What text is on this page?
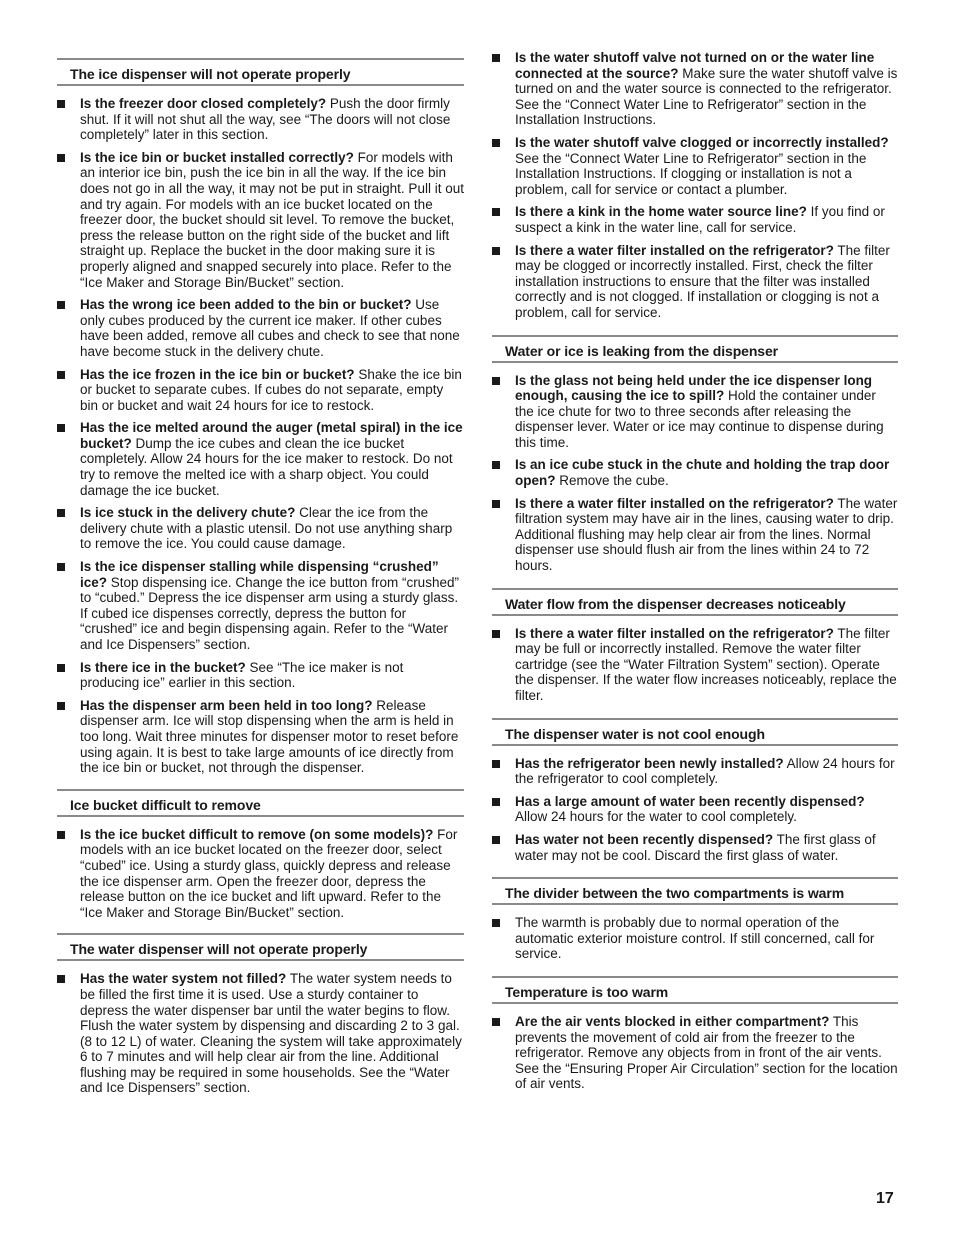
The ice dispenser will not operate properly
Is the freezer door closed completely? Push the door firmly shut. If it will not shut all the way, see “The doors will not close completely” later in this section.
Is the ice bin or bucket installed correctly? For models with an interior ice bin, push the ice bin in all the way. If the ice bin does not go in all the way, it may not be put in straight. Pull it out and try again. For models with an ice bucket located on the freezer door, the bucket should sit level. To remove the bucket, press the release button on the right side of the bucket and lift straight up. Replace the bucket in the door making sure it is properly aligned and snapped securely into place. Refer to the “Ice Maker and Storage Bin/Bucket” section.
Has the wrong ice been added to the bin or bucket? Use only cubes produced by the current ice maker. If other cubes have been added, remove all cubes and check to see that none have become stuck in the delivery chute.
Has the ice frozen in the ice bin or bucket? Shake the ice bin or bucket to separate cubes. If cubes do not separate, empty bin or bucket and wait 24 hours for ice to restock.
Has the ice melted around the auger (metal spiral) in the ice bucket? Dump the ice cubes and clean the ice bucket completely. Allow 24 hours for the ice maker to restock. Do not try to remove the melted ice with a sharp object. You could damage the ice bucket.
Is ice stuck in the delivery chute? Clear the ice from the delivery chute with a plastic utensil. Do not use anything sharp to remove the ice. You could cause damage.
Is the ice dispenser stalling while dispensing “crushed” ice? Stop dispensing ice. Change the ice button from “crushed” to “cubed.” Depress the ice dispenser arm using a sturdy glass. If cubed ice dispenses correctly, depress the button for “crushed” ice and begin dispensing again. Refer to the “Water and Ice Dispensers” section.
Is there ice in the bucket? See “The ice maker is not producing ice” earlier in this section.
Has the dispenser arm been held in too long? Release dispenser arm. Ice will stop dispensing when the arm is held in too long. Wait three minutes for dispenser motor to reset before using again. It is best to take large amounts of ice directly from the ice bin or bucket, not through the dispenser.
Ice bucket difficult to remove
Is the ice bucket difficult to remove (on some models)? For models with an ice bucket located on the freezer door, select “cubed” ice. Using a sturdy glass, quickly depress and release the ice dispenser arm. Open the freezer door, depress the release button on the ice bucket and lift upward. Refer to the “Ice Maker and Storage Bin/Bucket” section.
The water dispenser will not operate properly
Has the water system not filled? The water system needs to be filled the first time it is used. Use a sturdy container to depress the water dispenser bar until the water begins to flow. Flush the water system by dispensing and discarding 2 to 3 gal. (8 to 12 L) of water. Cleaning the system will take approximately 6 to 7 minutes and will help clear air from the line. Additional flushing may be required in some households. See the “Water and Ice Dispensers” section.
Is the water shutoff valve not turned on or the water line connected at the source? Make sure the water shutoff valve is turned on and the water source is connected to the refrigerator. See the “Connect Water Line to Refrigerator” section in the Installation Instructions.
Is the water shutoff valve clogged or incorrectly installed? See the “Connect Water Line to Refrigerator” section in the Installation Instructions. If clogging or installation is not a problem, call for service or contact a plumber.
Is there a kink in the home water source line? If you find or suspect a kink in the water line, call for service.
Is there a water filter installed on the refrigerator? The filter may be clogged or incorrectly installed. First, check the filter installation instructions to ensure that the filter was installed correctly and is not clogged. If installation or clogging is not a problem, call for service.
Water or ice is leaking from the dispenser
Is the glass not being held under the ice dispenser long enough, causing the ice to spill? Hold the container under the ice chute for two to three seconds after releasing the dispenser lever. Water or ice may continue to dispense during this time.
Is an ice cube stuck in the chute and holding the trap door open? Remove the cube.
Is there a water filter installed on the refrigerator? The water filtration system may have air in the lines, causing water to drip. Additional flushing may help clear air from the lines. Normal dispenser use should flush air from the lines within 24 to 72 hours.
Water flow from the dispenser decreases noticeably
Is there a water filter installed on the refrigerator? The filter may be full or incorrectly installed. Remove the water filter cartridge (see the “Water Filtration System” section). Operate the dispenser. If the water flow increases noticeably, replace the filter.
The dispenser water is not cool enough
Has the refrigerator been newly installed? Allow 24 hours for the refrigerator to cool completely.
Has a large amount of water been recently dispensed? Allow 24 hours for the water to cool completely.
Has water not been recently dispensed? The first glass of water may not be cool. Discard the first glass of water.
The divider between the two compartments is warm
The warmth is probably due to normal operation of the automatic exterior moisture control. If still concerned, call for service.
Temperature is too warm
Are the air vents blocked in either compartment? This prevents the movement of cold air from the freezer to the refrigerator. Remove any objects from in front of the air vents. See the “Ensuring Proper Air Circulation” section for the location of air vents.
17
